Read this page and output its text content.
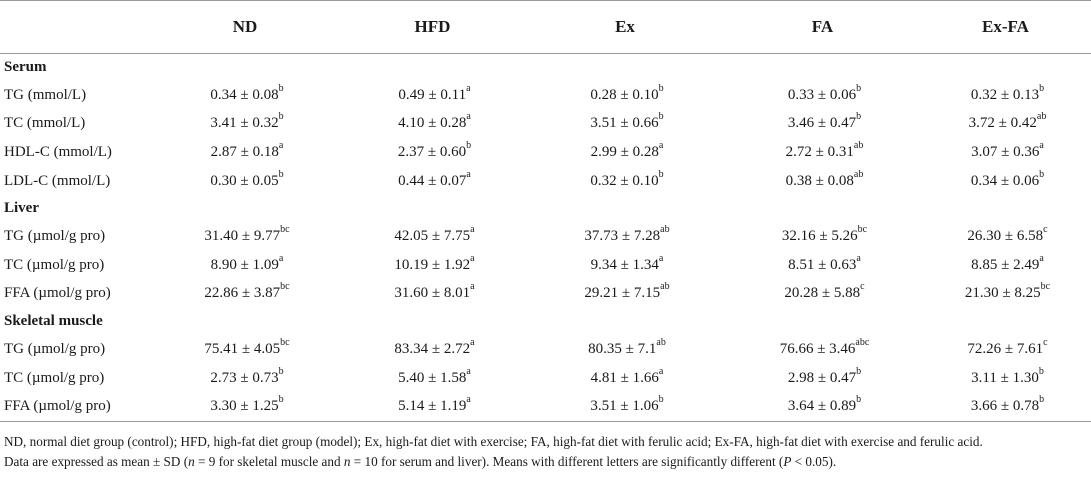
	ND	HFD	Ex	FA	Ex-FA
Serum					
TG (mmol/L)	0.34 ± 0.08$^b$	0.49 ± 0.11$^a$	0.28 ± 0.10$^b$	0.33 ± 0.06$^b$	0.32 ± 0.13$^b$
TC (mmol/L)	3.41 ± 0.32$^b$	4.10 ± 0.28$^a$	3.51 ± 0.66$^b$	3.46 ± 0.47$^b$	3.72 ± 0.42$^{ab}$
HDL-C (mmol/L)	2.87 ± 0.18$^a$	2.37 ± 0.60$^b$	2.99 ± 0.28$^a$	2.72 ± 0.31$^{ab}$	3.07 ± 0.36$^a$
LDL-C (mmol/L)	0.30 ± 0.05$^b$	0.44 ± 0.07$^a$	0.32 ± 0.10$^b$	0.38 ± 0.08$^{ab}$	0.34 ± 0.06$^b$
Liver					
TG (µmol/g pro)	31.40 ± 9.77$^{bc}$	42.05 ± 7.75$^a$	37.73 ± 7.28$^{ab}$	32.16 ± 5.26$^{bc}$	26.30 ± 6.58$^c$
TC (µmol/g pro)	8.90 ± 1.09$^a$	10.19 ± 1.92$^a$	9.34 ± 1.34$^a$	8.51 ± 0.63$^a$	8.85 ± 2.49$^a$
FFA (µmol/g pro)	22.86 ± 3.87$^{bc}$	31.60 ± 8.01$^a$	29.21 ± 7.15$^{ab}$	20.28 ± 5.88$^c$	21.30 ± 8.25$^{bc}$
Skeletal muscle					
TG (µmol/g pro)	75.41 ± 4.05$^{bc}$	83.34 ± 2.72$^a$	80.35 ± 7.1$^{ab}$	76.66 ± 3.46$^{abc}$	72.26 ± 7.61$^c$
TC (µmol/g pro)	2.73 ± 0.73$^b$	5.40 ± 1.58$^a$	4.81 ± 1.66$^a$	2.98 ± 0.47$^b$	3.11 ± 1.30$^b$
FFA (µmol/g pro)	3.30 ± 1.25$^b$	5.14 ± 1.19$^a$	3.51 ± 1.06$^b$	3.64 ± 0.89$^b$	3.66 ± 0.78$^b$

ND, normal diet group (control); HFD, high-fat diet group (model); Ex, high-fat diet with exercise; FA, high-fat diet with ferulic acid; Ex-FA, high-fat diet with exercise and ferulic acid.

Data are expressed as mean ± SD (n = 9 for skeletal muscle and n = 10 for serum and liver). Means with different letters are significantly different (P < 0.05).
